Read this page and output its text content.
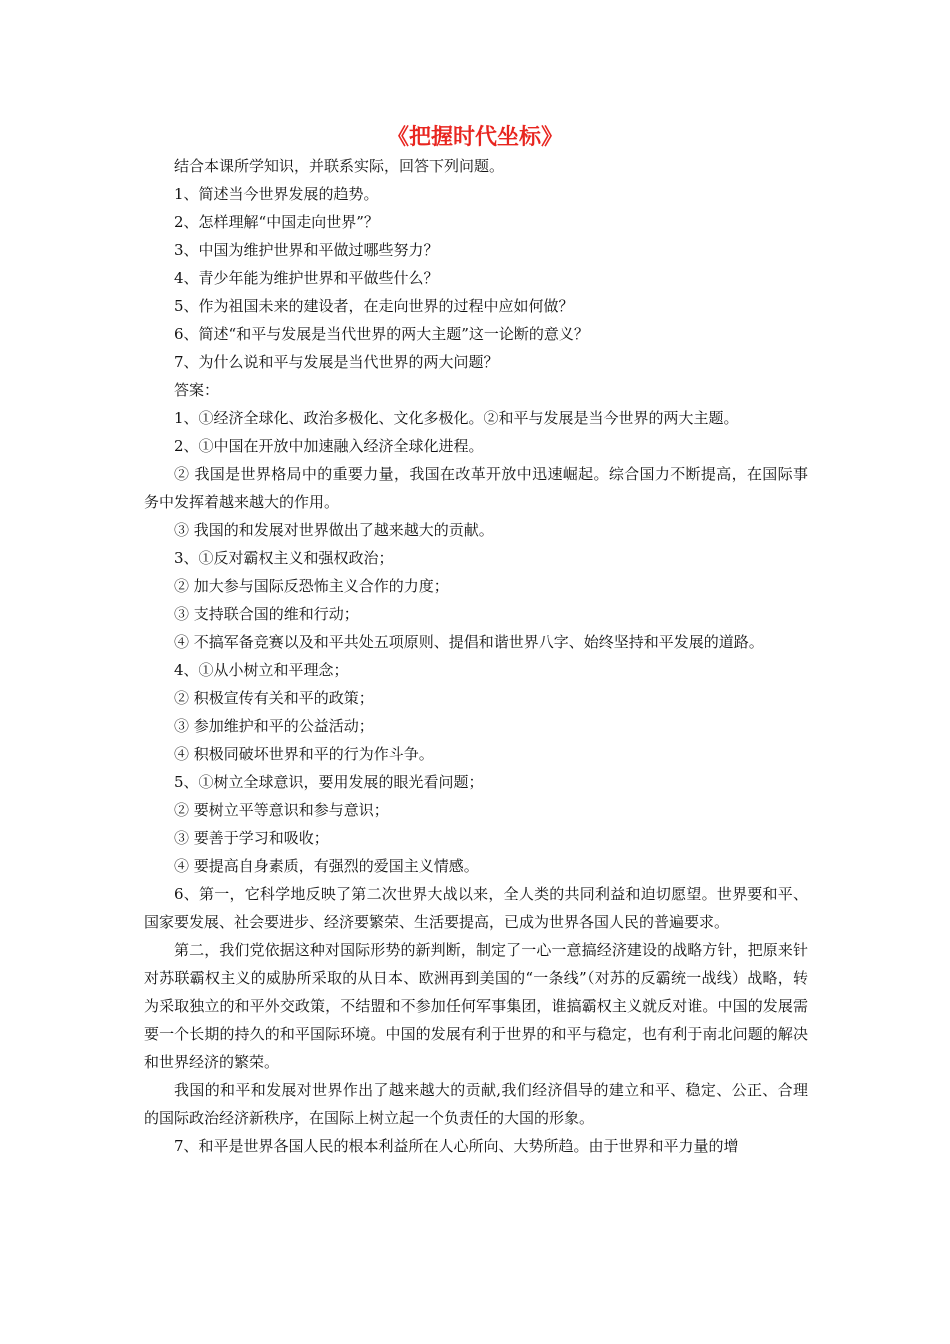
《把握时代坐标》

结合本课所学知识，并联系实际，回答下列问题。

1、简述当今世界发展的趋势。

2、怎样理解“中国走向世界”？

3、中国为维护世界和平做过哪些努力？

4、青少年能为维护世界和平做些什么？

5、作为祖国未来的建设者，在走向世界的过程中应如何做？

6、简述“和平与发展是当代世界的两大主题”这一论断的意义？

7、为什么说和平与发展是当代世界的两大问题？

答案：

1、①经济全球化、政治多极化、文化多极化。②和平与发展是当今世界的两大主题。

2、①中国在开放中加速融入经济全球化进程。

② 我国是世界格局中的重要力量，我国在改革开放中迅速崛起。综合国力不断提高，在国际事务中发挥着越来越大的作用。

③ 我国的和发展对世界做出了越来越大的贡献。

3、①反对霸权主义和强权政治；

② 加大参与国际反恐怖主义合作的力度；

③ 支持联合国的维和行动；

④ 不搞军备竞赛以及和平共处五项原则、提倡和谐世界八字、始终坚持和平发展的道路。

4、①从小树立和平理念；

② 积极宣传有关和平的政策；

③ 参加维护和平的公益活动；

④ 积极同破坏世界和平的行为作斗争。

5、①树立全球意识，要用发展的眼光看问题；

② 要树立平等意识和参与意识；

③ 要善于学习和吸收；

④ 要提高自身素质，有强烈的爱国主义情感。

6、第一，它科学地反映了第二次世界大战以来，全人类的共同利益和迫切愿望。世界要和平、国家要发展、社会要进步、经济要繁荣、生活要提高，已成为世界各国人民的普遍要求。

第二，我们党依据这种对国际形势的新判断，制定了一心一意搞经济建设的战略方针，把原来针对苏联霸权主义的威胁所采取的从日本、欧洲再到美国的“一条线”（对苏的反霸统一战线）战略，转为采取独立的和平外交政策，不结盟和不参加任何军事集团，谁搞霸权主义就反对谁。中国的发展需要一个长期的持久的和平国际环境。中国的发展有利于世界的和平与稳定，也有利于南北问题的解决和世界经济的繁荣。

我国的和平和发展对世界作出了越来越大的贡献,我们经济倡导的建立和平、稳定、公正、合理的国际政治经济新秩序，在国际上树立起一个负责任的大国的形象。

7、和平是世界各国人民的根本利益所在人心所向、大势所趋。由于世界和平力量的增
